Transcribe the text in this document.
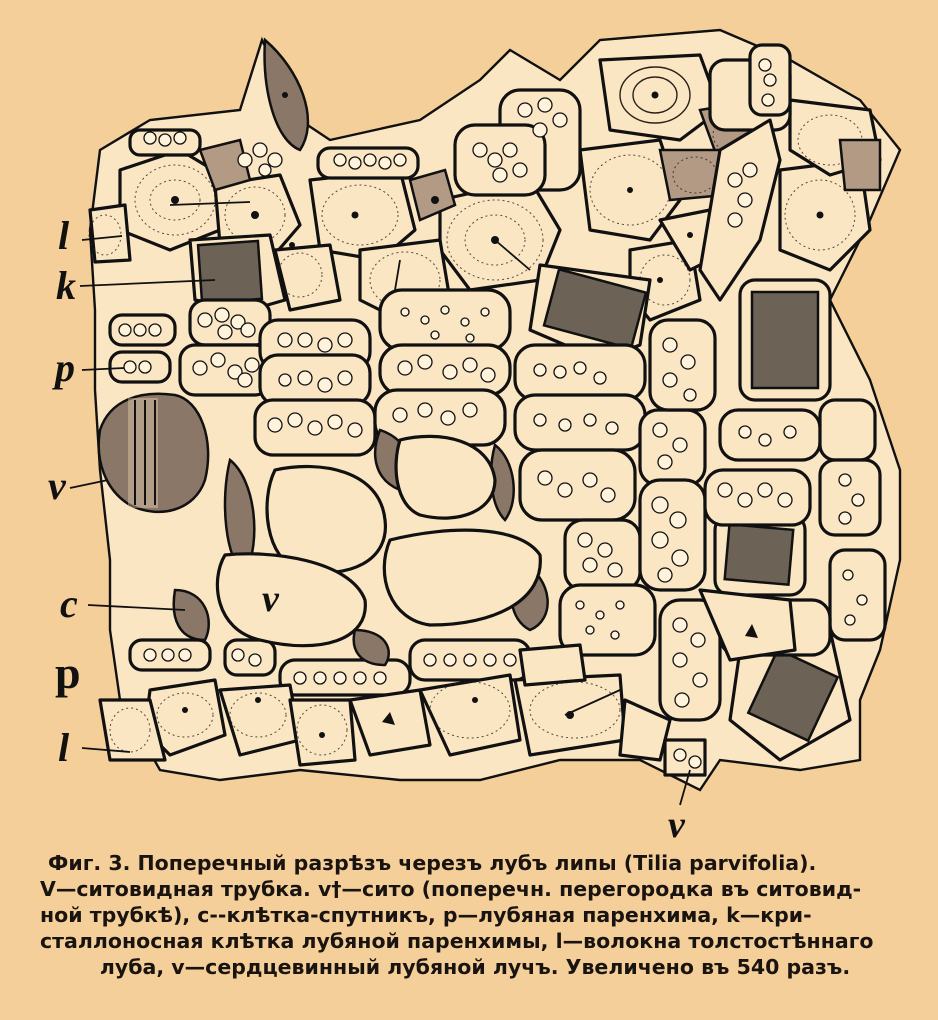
l
k
p
v
c
p
l
v
v
Фиг. 3. Поперечный разрѣзъ черезъ лубъ липы (Tilia parvifolia).
V—ситовидная трубка. v†—сито (поперечн. перегородка въ ситовид-
ной трубкѣ), c--клѣтка-спутникъ, p—лубяная паренхима, k—кри-
сталлоносная клѣтка лубяной паренхимы, l—волокна толстостѣннаго
луба, v—сердцевинный лубяной лучъ. Увеличено въ 540 разъ.
